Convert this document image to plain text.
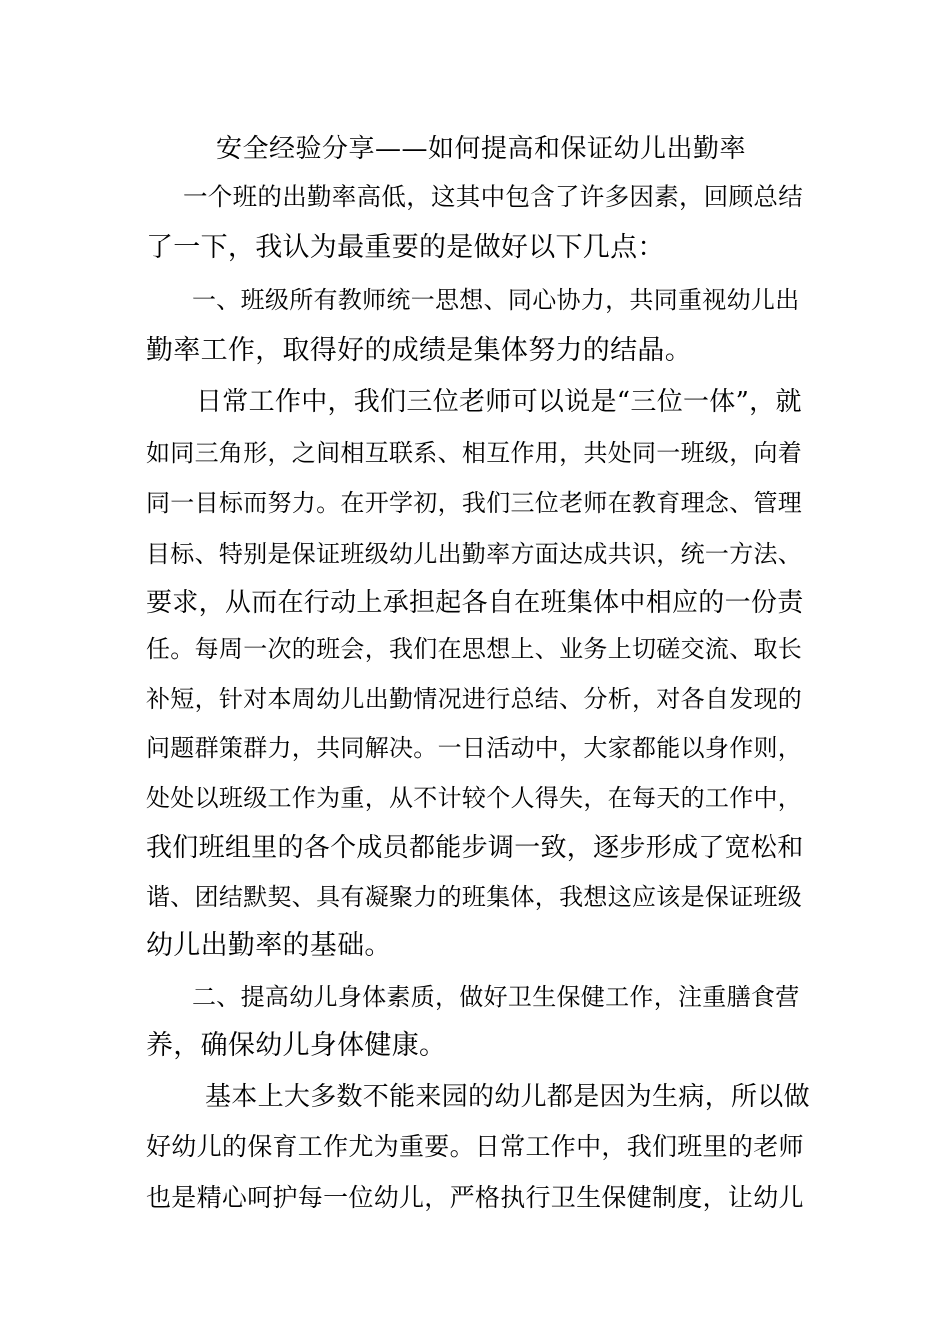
安全经验分享——如何提高和保证幼儿出勤率
一个班的出勤率高低，这其中包含了许多因素，回顾总结
了一下，我认为最重要的是做好以下几点：
一、班级所有教师统一思想、同心协力，共同重视幼儿出
勤率工作，取得好的成绩是集体努力的结晶。
日常工作中，我们三位老师可以说是“三位一体”，就
如同三角形，之间相互联系、相互作用，共处同一班级，向着
同一目标而努力。在开学初，我们三位老师在教育理念、管理
目标、特别是保证班级幼儿出勤率方面达成共识，统一方法、
要求，从而在行动上承担起各自在班集体中相应的一份责
任。每周一次的班会，我们在思想上、业务上切磋交流、取长
补短，针对本周幼儿出勤情况进行总结、分析，对各自发现的
问题群策群力，共同解决。一日活动中，大家都能以身作则，
处处以班级工作为重，从不计较个人得失，在每天的工作中，
我们班组里的各个成员都能步调一致，逐步形成了宽松和
谐、团结默契、具有凝聚力的班集体，我想这应该是保证班级
幼儿出勤率的基础。
二、提高幼儿身体素质，做好卫生保健工作，注重膳食营
养，确保幼儿身体健康。
基本上大多数不能来园的幼儿都是因为生病，所以做
好幼儿的保育工作尤为重要。日常工作中，我们班里的老师
也是精心呵护每一位幼儿，严格执行卫生保健制度，让幼儿
